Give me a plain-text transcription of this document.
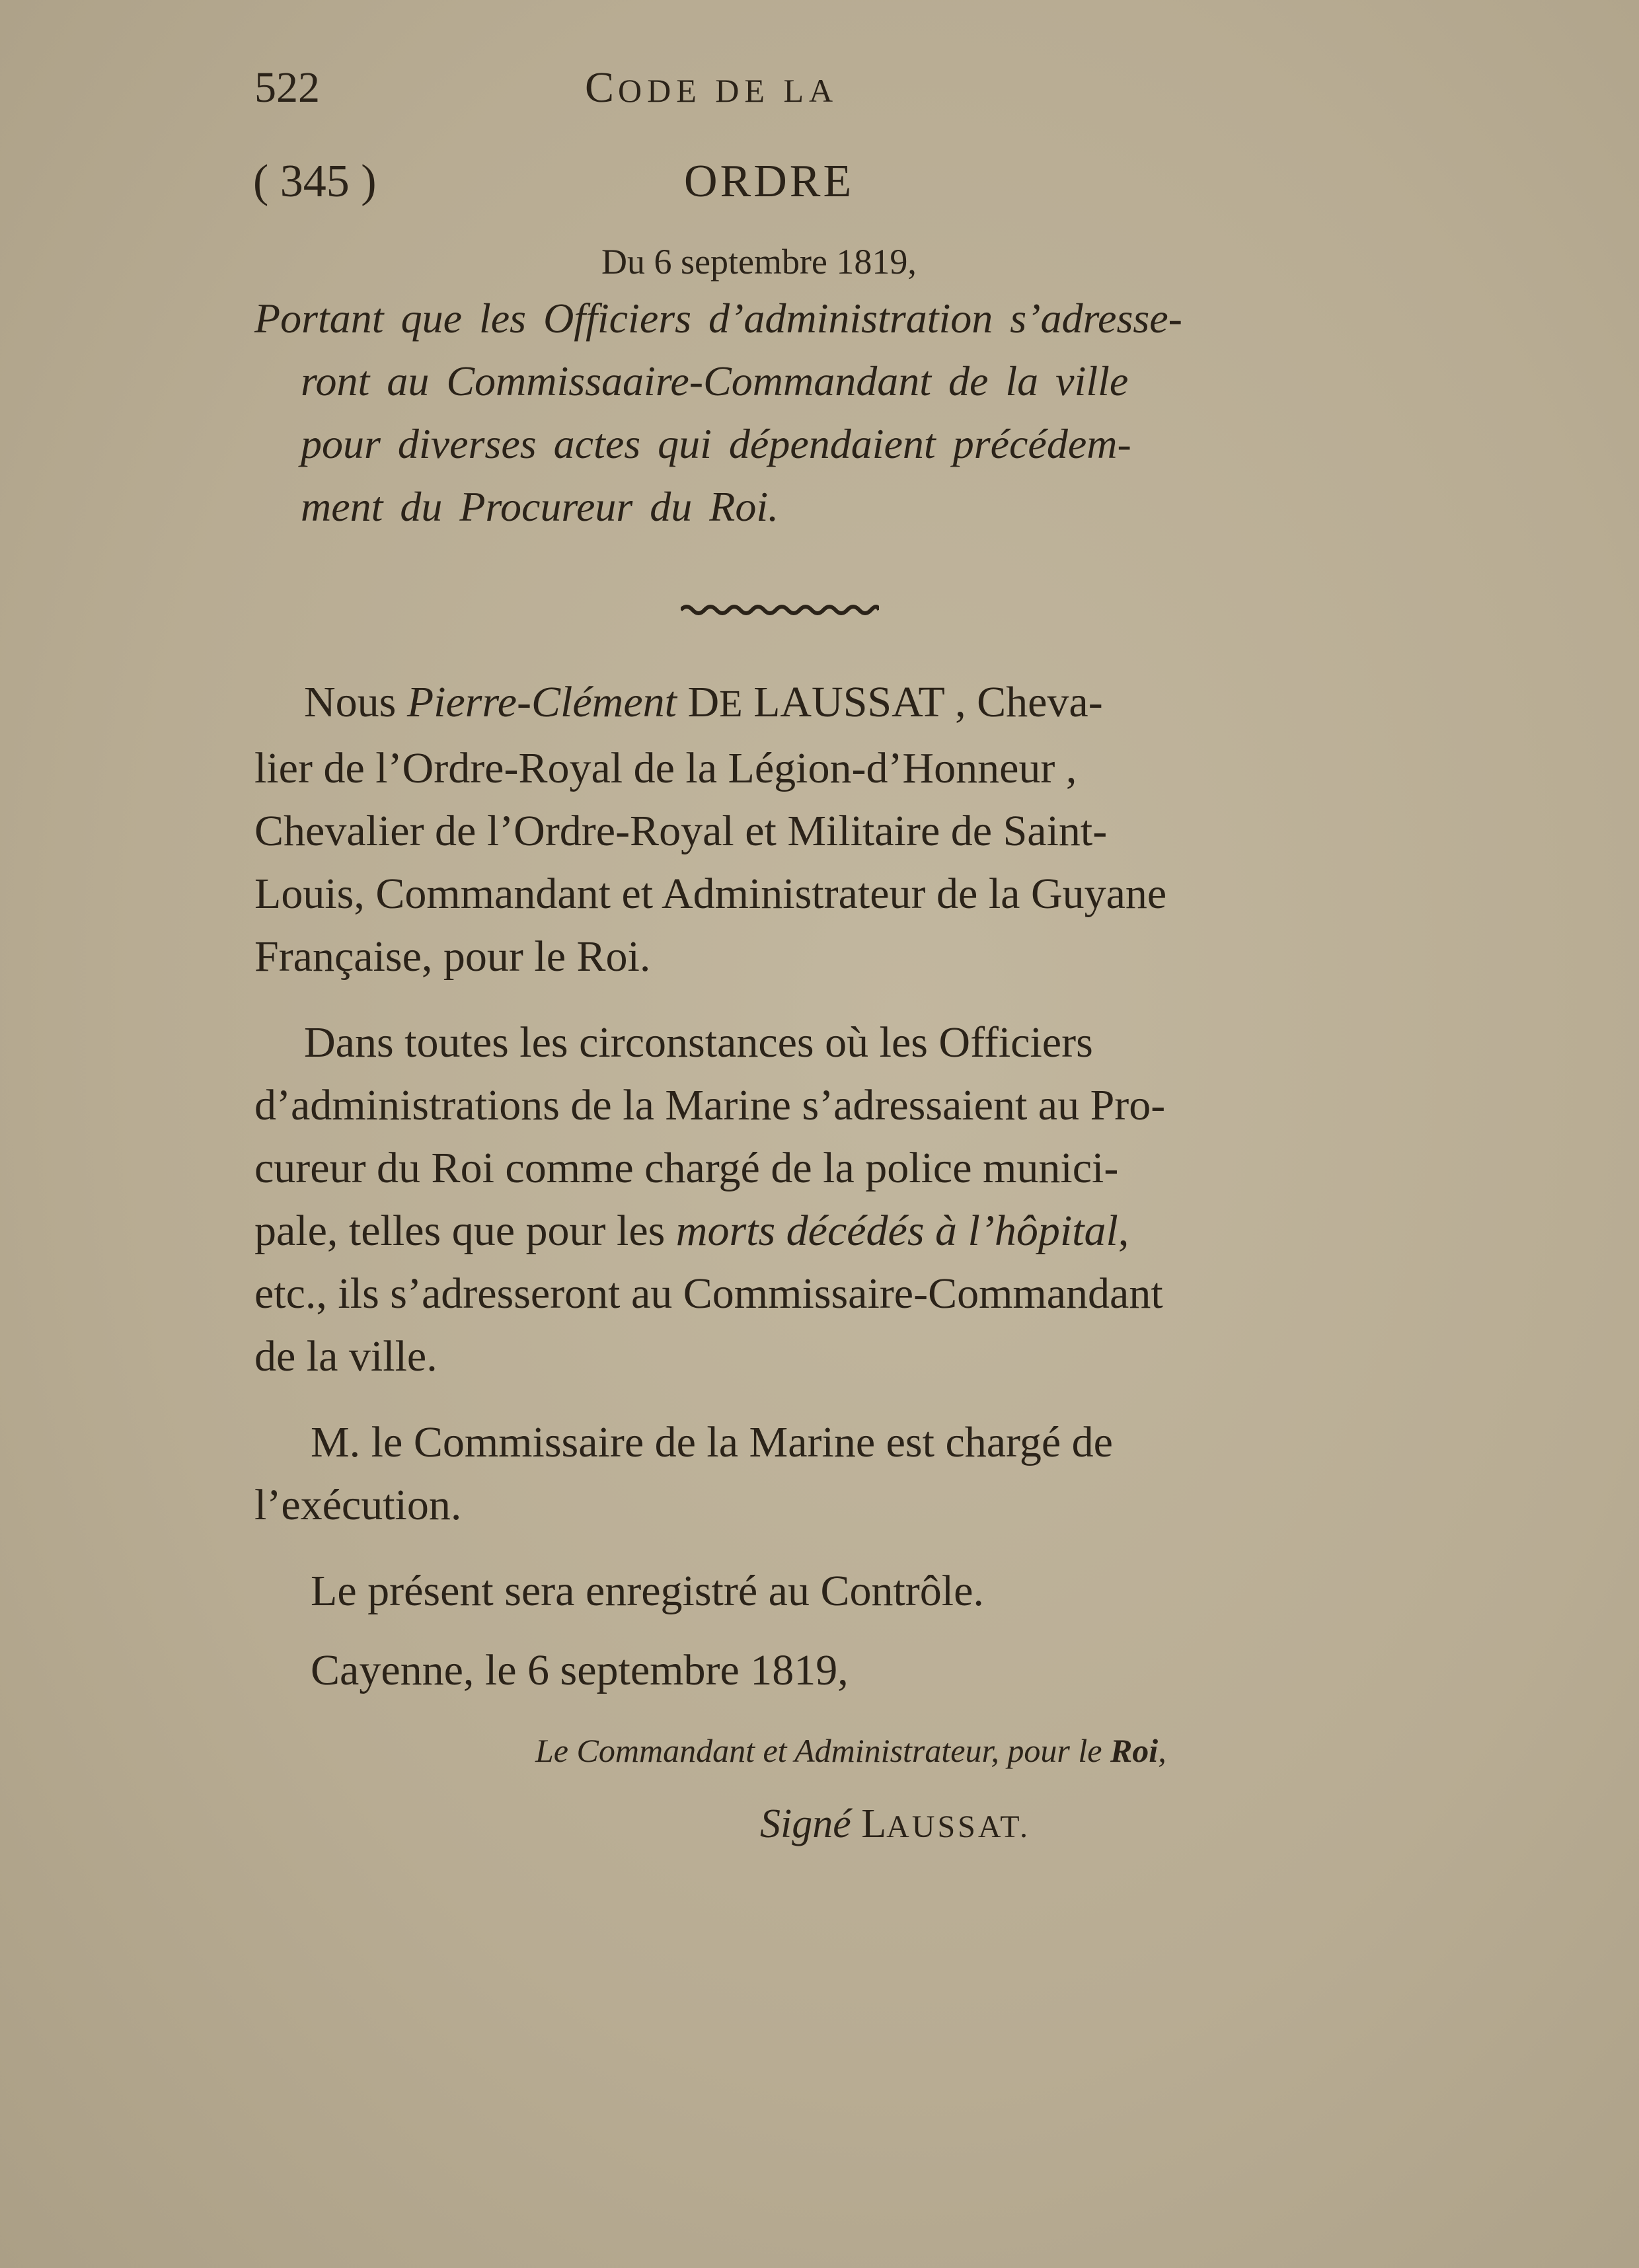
522	CODE DE LA
( 345 )	ORDRE
Du 6 septembre 1819,
Portant que les Officiers d’administration s’adresse-
ront au Commissaaire-Commandant de la ville
pour diverses actes qui dépendaient précédem-
ment du Procureur du Roi.
Nous Pierre-Clément DE LAUSSAT , Cheva-
lier de l’Ordre-Royal de la Légion-d’Honneur ,
Chevalier de l’Ordre-Royal et Militaire de Saint-
Louis, Commandant et Administrateur de la Guyane
Française, pour le Roi.
Dans toutes les circonstances où les Officiers
d’administrations de la Marine s’adressaient au Pro-
cureur du Roi comme chargé de la police munici-
pale, telles que pour les morts décédés à l’hôpital,
etc., ils s’adresseront au Commissaire-Commandant
de la ville.
M. le Commissaire de la Marine est chargé de
l’exécution.
Le présent sera enregistré au Contrôle.
Cayenne, le 6 septembre 1819,
Le Commandant et Administrateur, pour le Roi,
Signé LAUSSAT.
